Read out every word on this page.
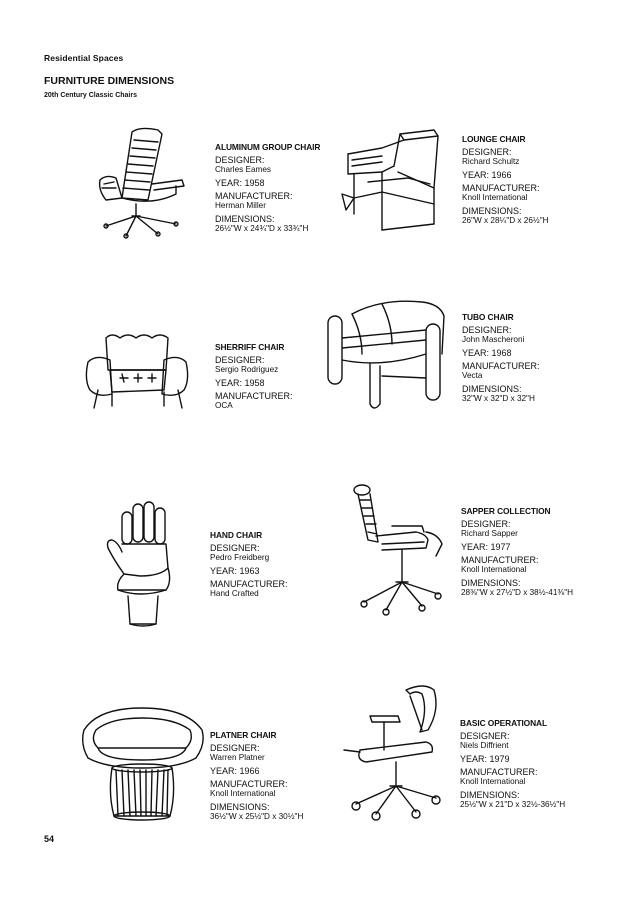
Residential Spaces
FURNITURE DIMENSIONS
20th Century Classic Chairs
ALUMINUM GROUP CHAIR
DESIGNER:
Charles Eames
YEAR: 1958
MANUFACTURER:
Herman Miller
DIMENSIONS:
26½"W x 24¾"D x 33¾"H
LOUNGE CHAIR
DESIGNER:
Richard Schultz
YEAR: 1966
MANUFACTURER:
Knoll International
DIMENSIONS:
26"W x 28¼"D x 26½"H
SHERRIFF CHAIR
DESIGNER:
Sergio Rodriguez
YEAR: 1958
MANUFACTURER:
OCA
TUBO CHAIR
DESIGNER:
John Mascheroni
YEAR: 1968
MANUFACTURER:
Vecta
DIMENSIONS:
32"W x 32"D x 32"H
HAND CHAIR
DESIGNER:
Pedro Freidberg
YEAR: 1963
MANUFACTURER:
Hand Crafted
SAPPER COLLECTION
DESIGNER:
Richard Sapper
YEAR: 1977
MANUFACTURER:
Knoll International
DIMENSIONS:
28⅜"W x 27½"D x 38½-41⅜"H
PLATNER CHAIR
DESIGNER:
Warren Platner
YEAR: 1966
MANUFACTURER:
Knoll International
DIMENSIONS:
36½"W x 25½"D x 30½"H
BASIC OPERATIONAL
DESIGNER:
Niels Diffrient
YEAR: 1979
MANUFACTURER:
Knoll International
DIMENSIONS:
25½"W x 21"D x 32½-36½"H
54
